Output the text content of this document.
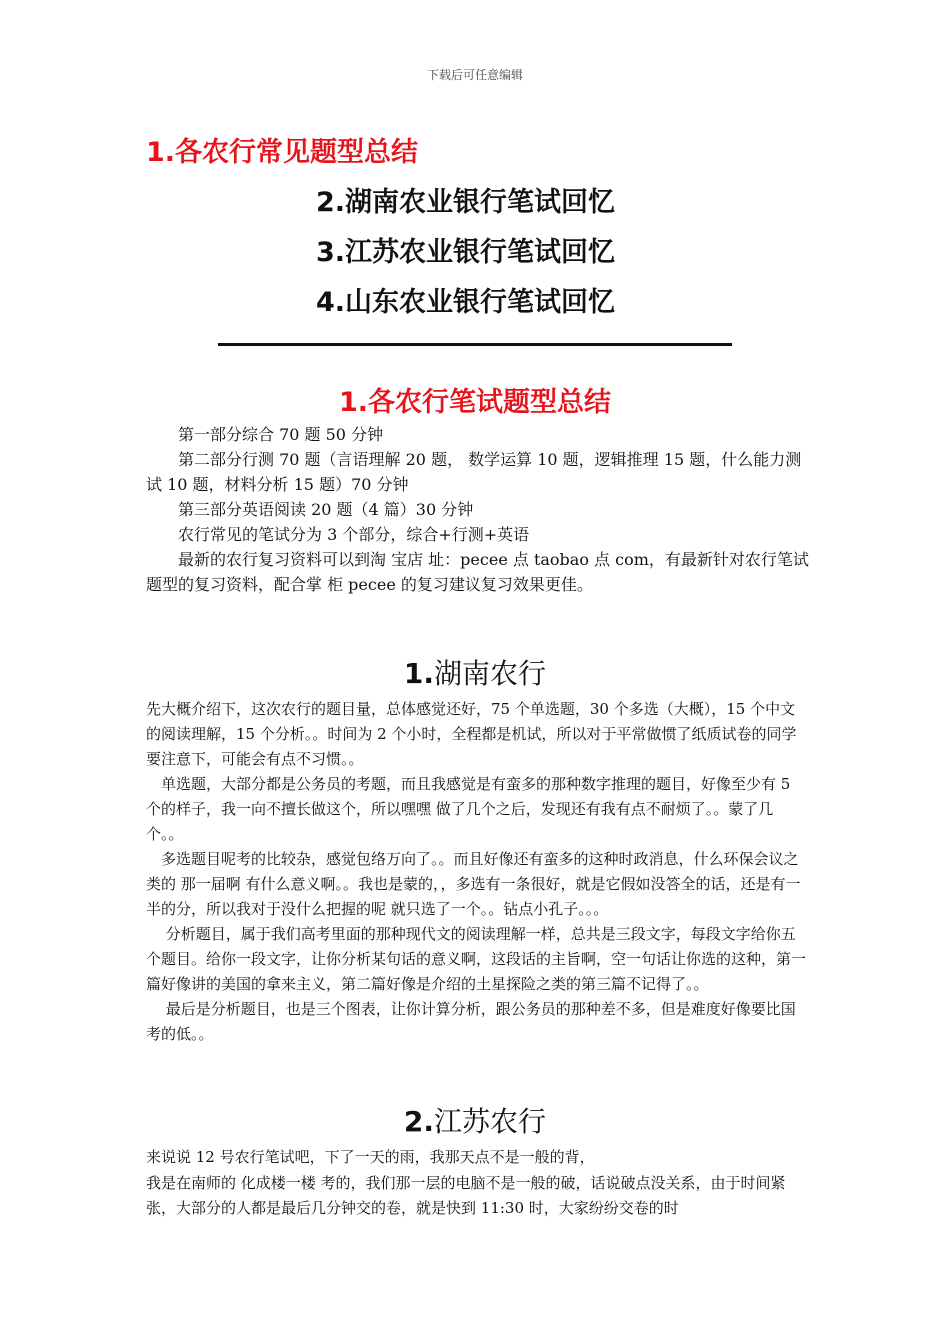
下载后可任意编辑
1.各农行常见题型总结
2.湖南农业银行笔试回忆
3.江苏农业银行笔试回忆
4.山东农业银行笔试回忆
1.各农行笔试题型总结

　　第一部分综合 70 题 50 分钟

　　第二部分行测 70 题（言语理解 20 题， 数学运算 10 题，逻辑推理 15 题，什么能力测试 10 题，材料分析 15 题）70 分钟

　　第三部分英语阅读 20 题（4 篇）30 分钟

　　农行常见的笔试分为 3 个部分，综合+行测+英语

　　最新的农行复习资料可以到淘 宝店 址：pecee 点 taobao 点 com，有最新针对农行笔试题型的复习资料，配合掌 柜 pecee 的复习建议复习效果更佳。

1.湖南农行

先大概介绍下，这次农行的题目量，总体感觉还好，75 个单选题，30 个多选（大概），15 个中文的阅读理解，15 个分析。。时间为 2 个小时，全程都是机试，所以对于平常做惯了纸质试卷的同学要注意下，可能会有点不习惯。。

　单选题，大部分都是公务员的考题，而且我感觉是有蛮多的那种数字推理的题目，好像至少有 5 个的样子，我一向不擅长做这个，所以嘿嘿 做了几个之后，发现还有我有点不耐烦了。。蒙了几个。。

　多选题目呢考的比较杂，感觉包络万向了。。而且好像还有蛮多的这种时政消息，什么环保会议之类的 那一届啊 有什么意义啊。。我也是蒙的，，多选有一条很好，就是它假如没答全的话，还是有一半的分，所以我对于没什么把握的呢 就只选了一个。。钻点小孔子。。。

　 分析题目，属于我们高考里面的那种现代文的阅读理解一样，总共是三段文字，每段文字给你五个题目。给你一段文字，让你分析某句话的意义啊，这段话的主旨啊，空一句话让你选的这种，第一篇好像讲的美国的拿来主义，第二篇好像是介绍的土星探险之类的第三篇不记得了。。

　 最后是分析题目，也是三个图表，让你计算分析，跟公务员的那种差不多，但是难度好像要比国考的低。。

2.江苏农行

来说说 12 号农行笔试吧，下了一天的雨，我那天点不是一般的背，

我是在南师的 化成楼一楼 考的，我们那一层的电脑不是一般的破，话说破点没关系，由于时间紧张，大部分的人都是最后几分钟交的卷，就是快到 11:30 时，大家纷纷交卷的时
